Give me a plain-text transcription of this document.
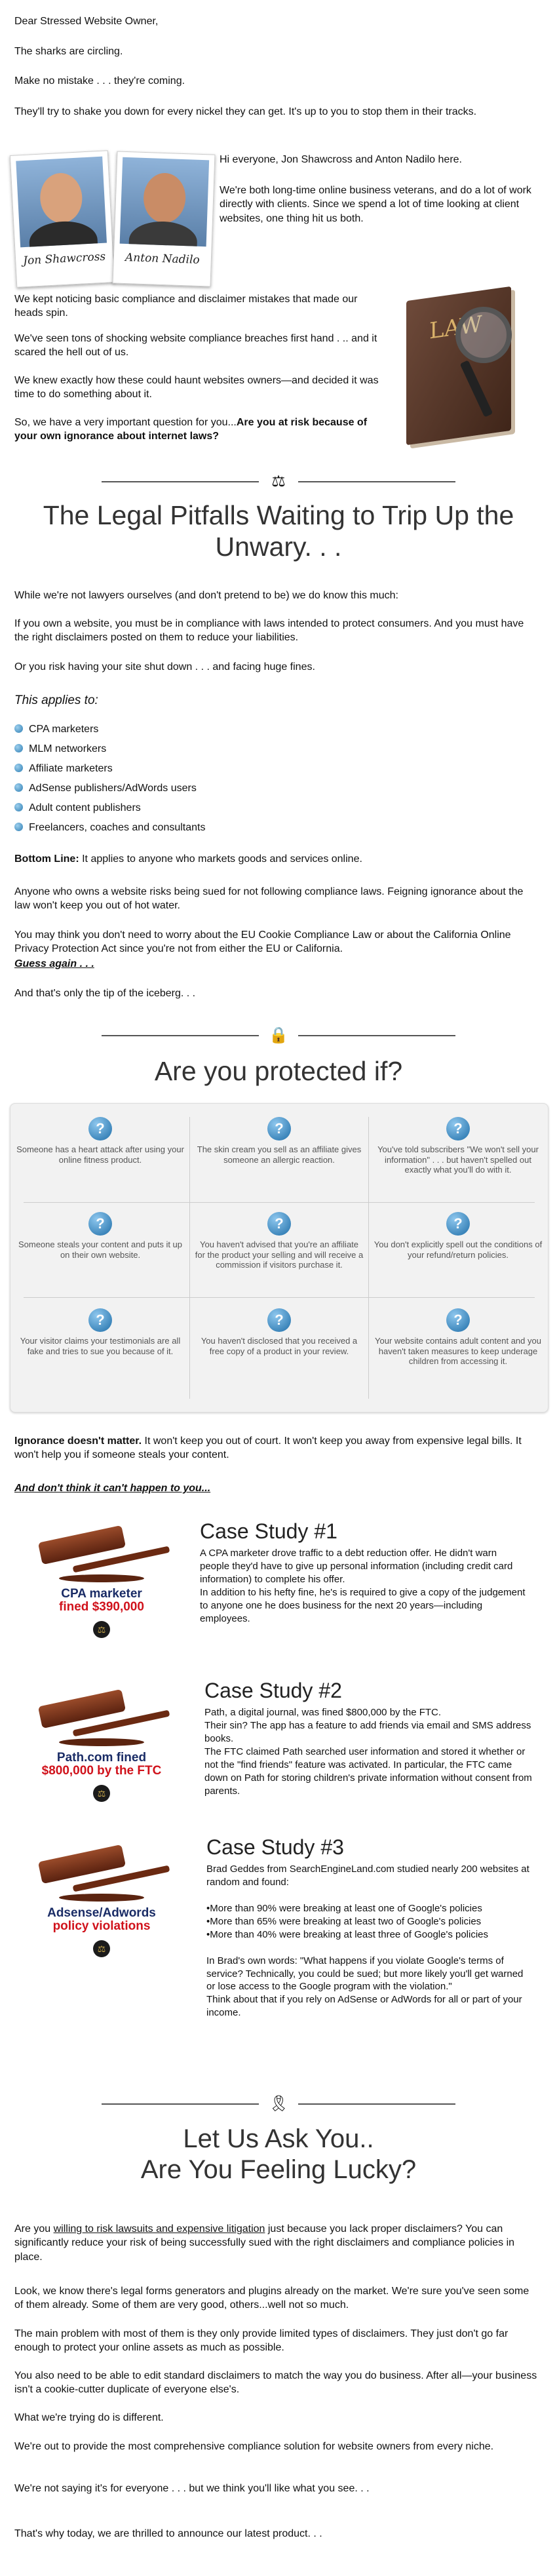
Dear Stressed Website Owner,

The sharks are circling.

Make no mistake . . . they're coming.

They'll try to shake you down for every nickel they can get. It's up to you to stop them in their tracks.

Jon Shawcross	Anton Nadilo

Hi everyone, Jon Shawcross and Anton Nadilo here.

We're both long-time online business veterans, and do a lot of work directly with clients. Since we spend a lot of time looking at client websites, one thing hit us both.

We kept noticing basic compliance and disclaimer mistakes that made our heads spin.

We've seen tons of shocking website compliance breaches first hand . .. and it scared the hell out of us.

We knew exactly how these could haunt websites owners—and decided it was time to do something about it.

So, we have a very important question for you...Are you at risk because of your own ignorance about internet laws?

LAW
⚖
The Legal Pitfalls Waiting to Trip Up the Unwary. . .

While we're not lawyers ourselves (and don't pretend to be) we do know this much:

If you own a website, you must be in compliance with laws intended to protect consumers. And you must have the right disclaimers posted on them to reduce your liabilities.

Or you risk having your site shut down . . . and facing huge fines.

This applies to:

CPA marketers
MLM networkers
Affiliate marketers
AdSense publishers/AdWords users
Adult content publishers
Freelancers, coaches and consultants

Bottom Line: It applies to anyone who markets goods and services online.

Anyone who owns a website risks being sued for not following compliance laws. Feigning ignorance about the law won't keep you out of hot water.

You may think you don't need to worry about the EU Cookie Compliance Law or about the California Online Privacy Protection Act since you're not from either the EU or California.

Guess again . . .

And that's only the tip of the iceberg. . .

🔒
Are you protected if?
?
Someone has a heart attack after using your online fitness product.
?
The skin cream you sell as an affiliate gives someone an allergic reaction.
?
You've told subscribers "We won't sell your information" . . . but haven't spelled out exactly what you'll do with it.
?
Someone steals your content and puts it up on their own website.
?
You haven't advised that you're an affiliate for the product your selling and will receive a commission if visitors purchase it.
?
You don't explicitly spell out the conditions of your refund/return policies.
?
Your visitor claims your testimonials are all fake and tries to sue you because of it.
?
You haven't disclosed that you received a free copy of a product in your review.
?
Your website contains adult content and you haven't taken measures to keep underage children from accessing it.

Ignorance doesn't matter. It won't keep you out of court. It won't keep you away from expensive legal bills. It won't help you if someone steals your content.

And don't think it can't happen to you...

CPA marketer
fined $390,000
⚖
Case Study #1
A CPA marketer drove traffic to a debt reduction offer. He didn't warn people they'd have to give up personal information (including credit card information) to complete his offer.
In addition to his hefty fine, he's is required to give a copy of the judgement to anyone one he does business for the next 20 years—including employees.
Path.com fined
$800,000 by the FTC
⚖
Case Study #2
Path, a digital journal, was fined $800,000 by the FTC.
Their sin? The app has a feature to add friends via email and SMS address books.
The FTC claimed Path searched user information and stored it whether or not the "find friends" feature was activated. In particular, the FTC came down on Path for storing children's private information without consent from parents.
Adsense/Adwords
policy violations
⚖
Case Study #3
Brad Geddes from SearchEngineLand.com studied nearly 200 websites at random and found:

•More than 90% were breaking at least one of Google's policies
•More than 65% were breaking at least two of Google's policies
•More than 40% were breaking at least three of Google's policies

In Brad's own words: "What happens if you violate Google's terms of service? Technically, you could be sued; but more likely you'll get warned or lose access to the Google program with the violation."
Think about that if you rely on AdSense or AdWords for all or part of your income.
🎗
Let Us Ask You..
Are You Feeling Lucky?

Are you willing to risk lawsuits and expensive litigation just because you lack proper disclaimers? You can significantly reduce your risk of being successfully sued with the right disclaimers and compliance policies in place.

Look, we know there's legal forms generators and plugins already on the market. We're sure you've seen some of them already. Some of them are very good, others...well not so much.

The main problem with most of them is they only provide limited types of disclaimers. They just don't go far enough to protect your online assets as much as possible.

You also need to be able to edit standard disclaimers to match the way you do business. After all—your business isn't a cookie-cutter duplicate of everyone else's.

What we're trying do is different.

We're out to provide the most comprehensive compliance solution for website owners from every niche.

We're not saying it's for everyone . . . but we think you'll like what you see. . .

That's why today, we are thrilled to announce our latest product. . .
